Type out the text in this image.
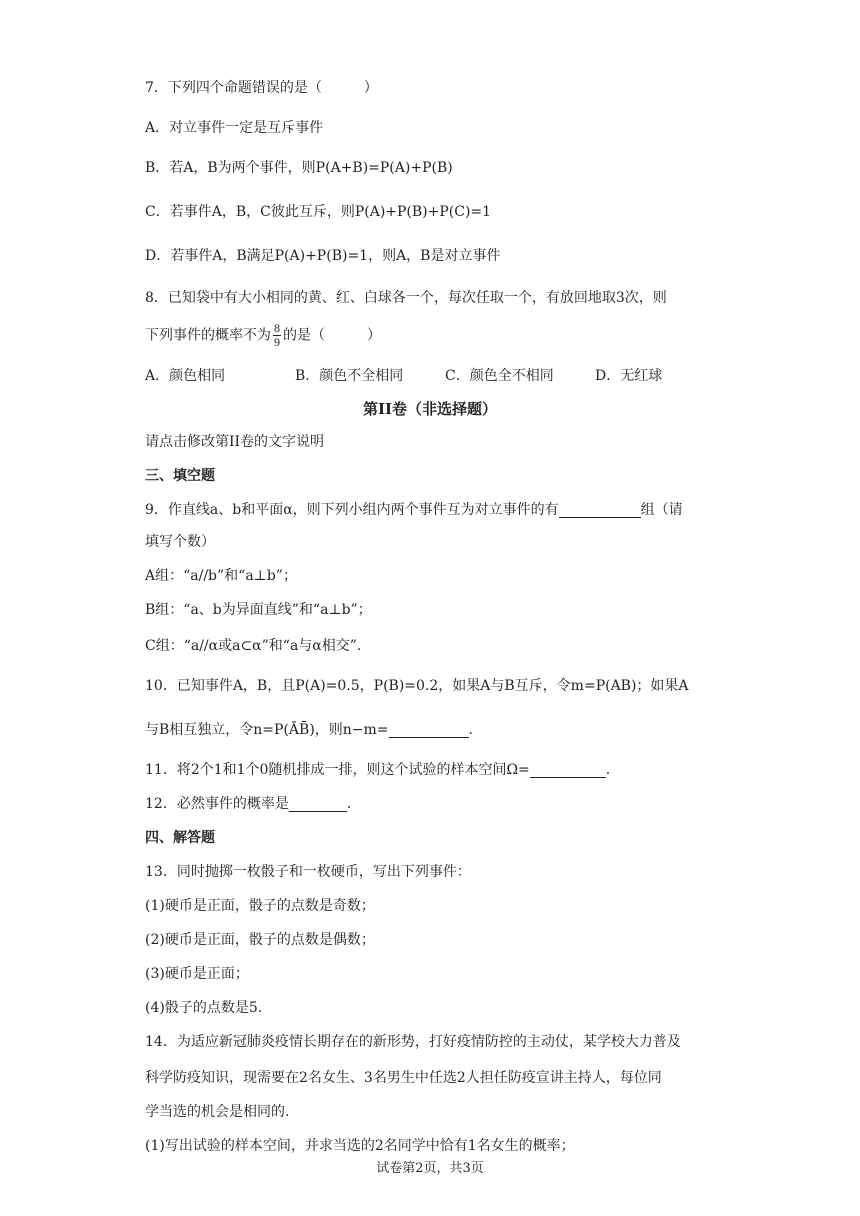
7．下列四个命题错误的是（　　　）
A．对立事件一定是互斥事件
B．若A，B为两个事件，则P(A+B)=P(A)+P(B)
C．若事件A，B，C彼此互斥，则P(A)+P(B)+P(C)=1
D．若事件A，B满足P(A)+P(B)=1，则A，B是对立事件
8．已知袋中有大小相同的黄、红、白球各一个，每次任取一个，有放回地取3次，则
下列事件的概率不为 $\frac{8}{9}$ 的是（　　　）
A．颜色相同	B．颜色不全相同	C．颜色全不相同	D．无红球
第II卷（非选择题）
请点击修改第II卷的文字说明
三、填空题
9．作直线a、b和平面α，则下列小组内两个事件互为对立事件的有	组（请
填写个数）
A组：“a//b”和“a⊥b”；
B组：“a、b为异面直线”和“a⊥b”；
C组：“a//α或a⊂α”和“a与α相交”.
10．已知事件A，B，且P(A)=0.5，P(B)=0.2，如果A与B互斥，令m=P(AB)；如果A
与B相互独立，令n=P(ĀB̄)，则n−m=	.
11．将2个1和1个0随机排成一排，则这个试验的样本空间Ω=	.
12．必然事件的概率是	.
四、解答题
13．同时抛掷一枚骰子和一枚硬币，写出下列事件：
(1)硬币是正面，骰子的点数是奇数；
(2)硬币是正面，骰子的点数是偶数；
(3)硬币是正面；
(4)骰子的点数是5.
14．为适应新冠肺炎疫情长期存在的新形势，打好疫情防控的主动仗，某学校大力普及
科学防疫知识，现需要在2名女生、3名男生中任选2人担任防疫宣讲主持人，每位同
学当选的机会是相同的.
(1)写出试验的样本空间，并求当选的2名同学中恰有1名女生的概率；
试卷第2页，共3页
